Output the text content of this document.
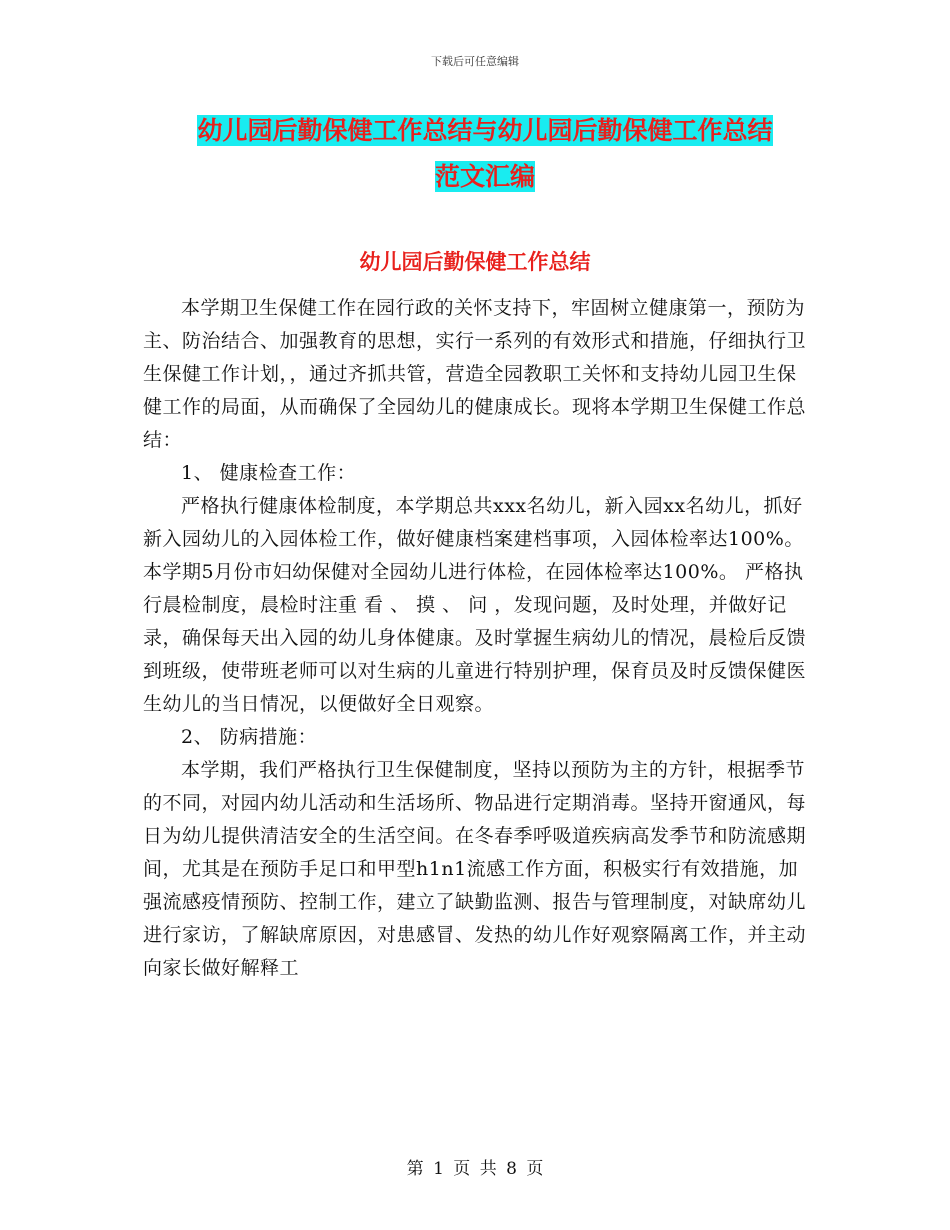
下载后可任意编辑
幼儿园后勤保健工作总结与幼儿园后勤保健工作总结
范文汇编
幼儿园后勤保健工作总结

本学期卫生保健工作在园行政的关怀支持下，牢固树立健康第一，预防为主、防治结合、加强教育的思想，实行一系列的有效形式和措施，仔细执行卫生保健工作计划，，通过齐抓共管，营造全园教职工关怀和支持幼儿园卫生保健工作的局面，从而确保了全园幼儿的健康成长。现将本学期卫生保健工作总结：

1、 健康检查工作：

严格执行健康体检制度，本学期总共xxx名幼儿，新入园xx名幼儿，抓好新入园幼儿的入园体检工作，做好健康档案建档事项，入园体检率达100%。本学期5月份市妇幼保健对全园幼儿进行体检，在园体检率达100%。 严格执行晨检制度，晨检时注重 看 、 摸 、 问 ，发现问题，及时处理，并做好记录，确保每天出入园的幼儿身体健康。及时掌握生病幼儿的情况，晨检后反馈到班级，使带班老师可以对生病的儿童进行特别护理，保育员及时反馈保健医生幼儿的当日情况，以便做好全日观察。

2、 防病措施：

本学期，我们严格执行卫生保健制度，坚持以预防为主的方针，根据季节的不同，对园内幼儿活动和生活场所、物品进行定期消毒。坚持开窗通风，每日为幼儿提供清洁安全的生活空间。在冬春季呼吸道疾病高发季节和防流感期间，尤其是在预防手足口和甲型h1n1流感工作方面，积极实行有效措施，加强流感疫情预防、控制工作，建立了缺勤监测、报告与管理制度，对缺席幼儿进行家访，了解缺席原因，对患感冒、发热的幼儿作好观察隔离工作，并主动向家长做好解释工

第 1 页 共 8 页
